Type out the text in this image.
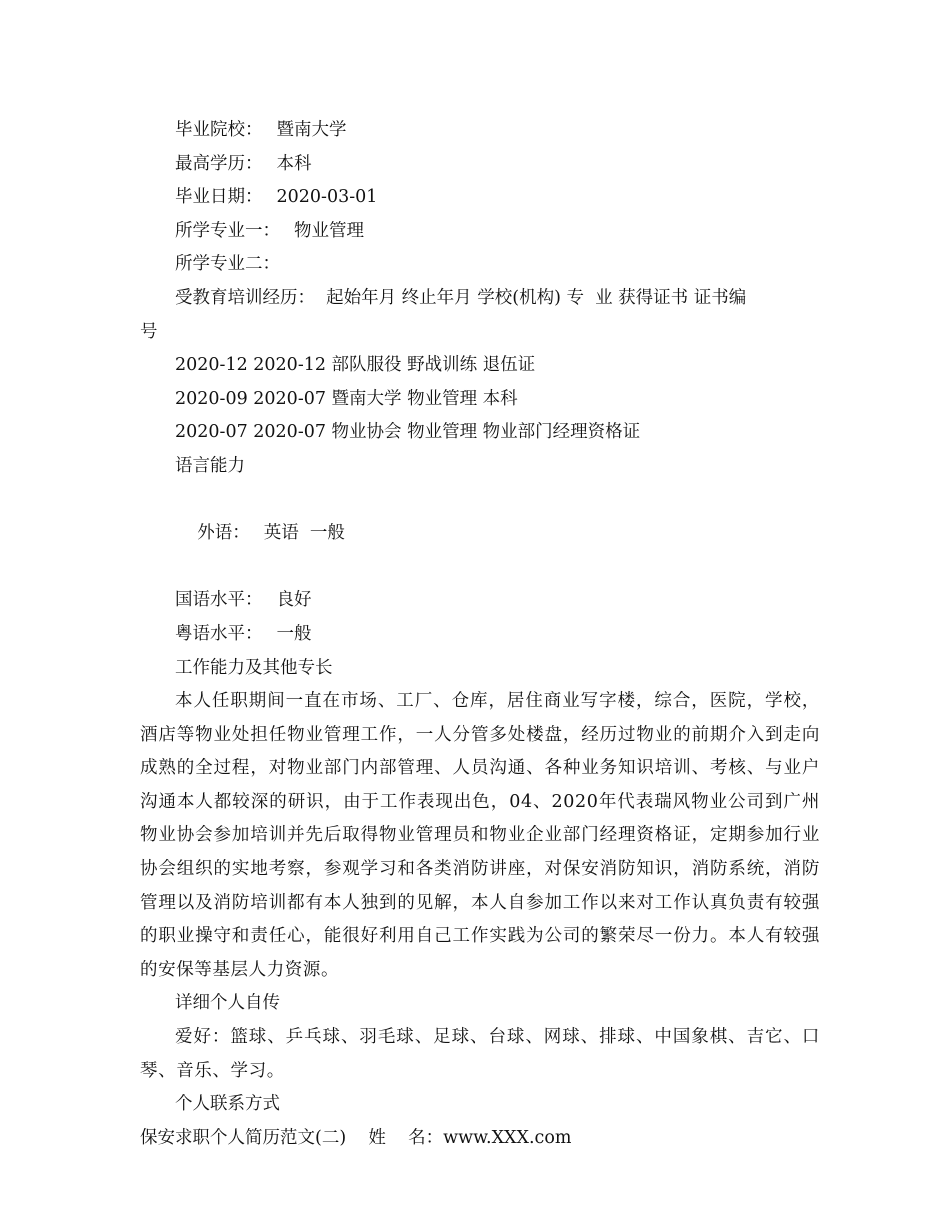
毕业院校： 暨南大学
最高学历： 本科
毕业日期： 2020-03-01
所学专业一： 物业管理
所学专业二：
受教育培训经历：  起始年月 终止年月 学校(机构) 专  业 获得证书 证书编
号
2020-12 2020-12 部队服役 野战训练 退伍证
2020-09 2020-07 暨南大学 物业管理 本科
2020-07 2020-07 物业协会 物业管理 物业部门经理资格证
语言能力

外语： 英语  一般

国语水平： 良好
粤语水平： 一般
工作能力及其他专长
本人任职期间一直在市场、工厂、仓库，居住商业写字楼，综合，医院，学校，酒店等物业处担任物业管理工作，一人分管多处楼盘，经历过物业的前期介入到走向成熟的全过程，对物业部门内部管理、人员沟通、各种业务知识培训、考核、与业户沟通本人都较深的研识，由于工作表现出色，04、2020年代表瑞风物业公司到广州物业协会参加培训并先后取得物业管理员和物业企业部门经理资格证，定期参加行业协会组织的实地考察，参观学习和各类消防讲座，对保安消防知识，消防系统，消防管理以及消防培训都有本人独到的见解，本人自参加工作以来对工作认真负责有较强的职业操守和责任心，能很好利用自己工作实践为公司的繁荣尽一份力。本人有较强的安保等基层人力资源。
详细个人自传
爱好：篮球、乒乓球、羽毛球、足球、台球、网球、排球、中国象棋、吉它、口琴、音乐、学习。
个人联系方式
保安求职个人简历范文(二)    姓    名：www.XXX.com
